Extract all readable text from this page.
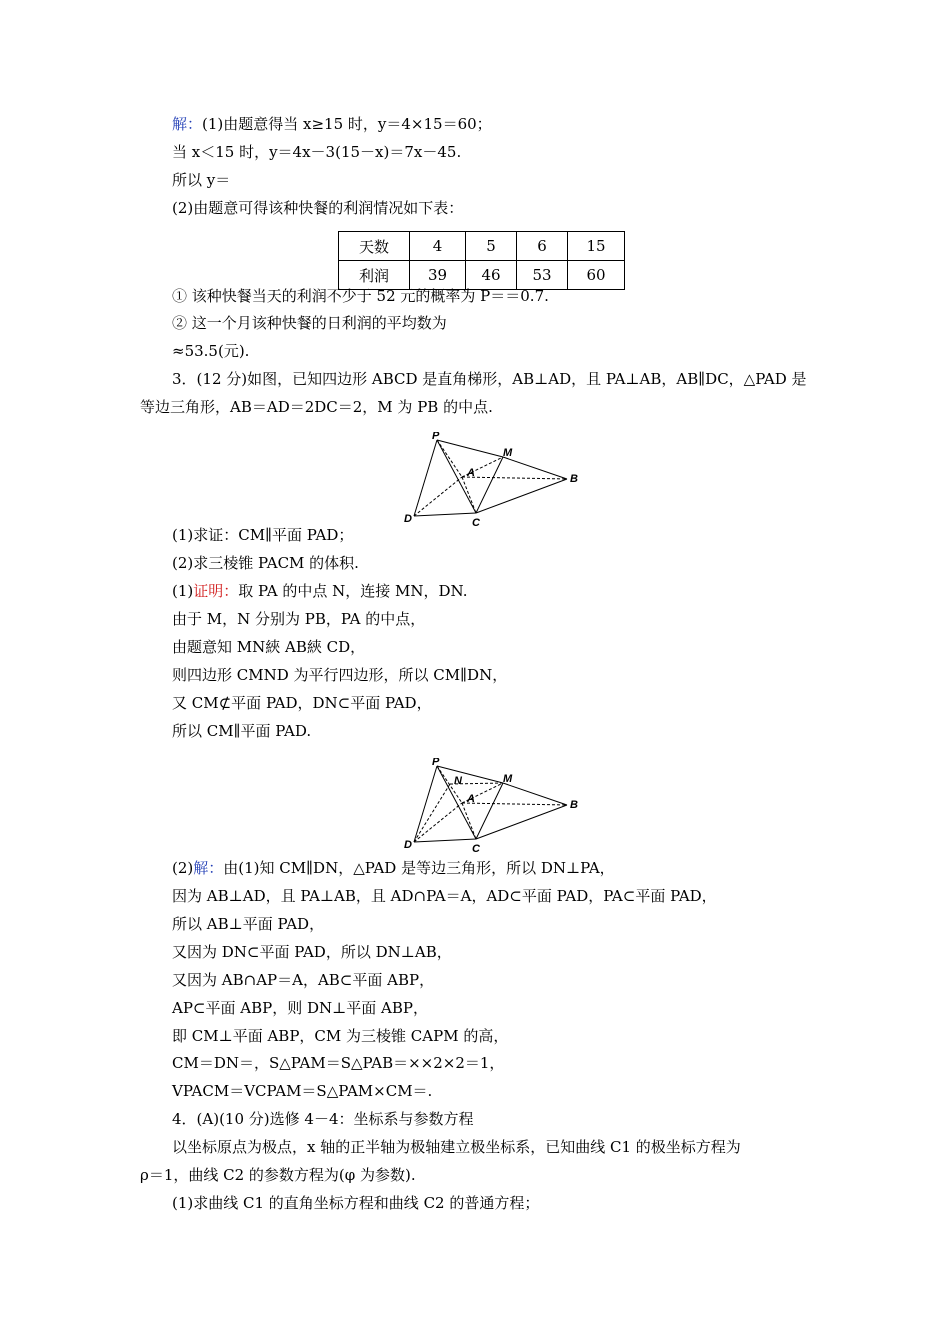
解：(1)由题意得当 x≥15 时，y＝4×15＝60；
当 x＜15 时，y＝4x－3(15－x)＝7x－45.
所以 y＝
(2)由题意可得该种快餐的利润情况如下表：
① 该种快餐当天的利润不少于 52 元的概率为 P＝＝0.7.
② 这一个月该种快餐的日利润的平均数为
≈53.5(元).
3．(12 分)如图，已知四边形 ABCD 是直角梯形，AB⊥AD，且 PA⊥AB，AB∥DC，△PAD 是
等边三角形，AB＝AD＝2DC＝2，M 为 PB 的中点.
(1)求证：CM∥平面 PAD；
(2)求三棱锥 PACM 的体积.
(1)证明：取 PA 的中点 N，连接 MN，DN.
由于 M，N 分别为 PB，PA 的中点，
由题意知 MN綊 AB綊 CD，
则四边形 CMND 为平行四边形，所以 CM∥DN，
又 CM⊄平面 PAD，DN⊂平面 PAD，
所以 CM∥平面 PAD.
(2)解：由(1)知 CM∥DN，△PAD 是等边三角形，所以 DN⊥PA，
因为 AB⊥AD，且 PA⊥AB，且 AD∩PA＝A，AD⊂平面 PAD，PA⊂平面 PAD，
所以 AB⊥平面 PAD，
又因为 DN⊂平面 PAD，所以 DN⊥AB，
又因为 AB∩AP＝A，AB⊂平面 ABP，
AP⊂平面 ABP，则 DN⊥平面 ABP，
即 CM⊥平面 ABP，CM 为三棱锥 CAPM 的高，
CM＝DN＝，S△PAM＝S△PAB＝××2×2＝1，
VPACM＝VCPAM＝S△PAM×CM＝.
4．(A)(10 分)选修 4－4：坐标系与参数方程
以坐标原点为极点，x 轴的正半轴为极轴建立极坐标系，已知曲线 C1 的极坐标方程为
ρ＝1，曲线 C2 的参数方程为(φ 为参数).
(1)求曲线 C1 的直角坐标方程和曲线 C2 的普通方程；
天数	4	5	6	15
利润	39	46	53	60
P
M
A	B
D	C
P
N	M
A	B
D	C
